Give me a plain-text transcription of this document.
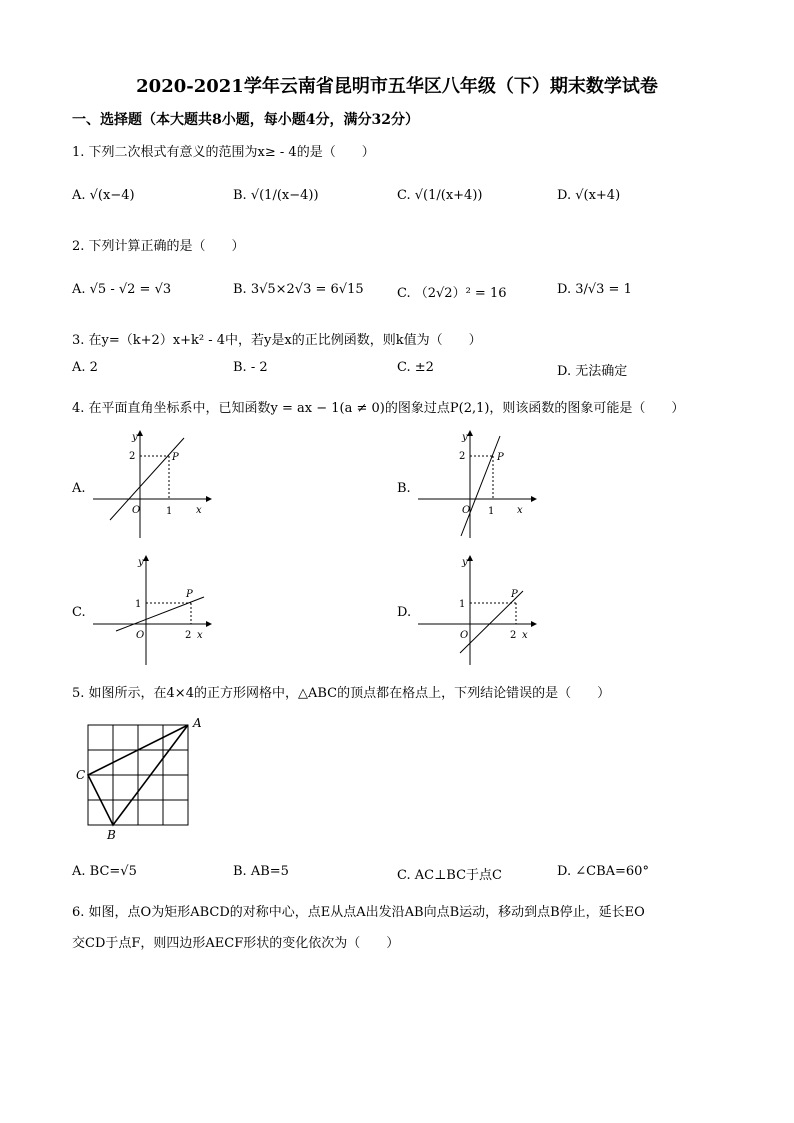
2020-2021学年云南省昆明市五华区八年级（下）期末数学试卷
一、选择题（本大题共8小题，每小题4分，满分32分）
1. 下列二次根式有意义的范围为x≥ - 4的是（　　）
A. √(x−4)	B. √(1/(x−4))	C. √(1/(x+4))	D. √(x+4)
2. 下列计算正确的是（　　）
A. √5 - √2 = √3	B. 3√5×2√3 = 6√15	C. （2√2）² = 16	D. 3/√3 = 1
3. 在y=（k+2）x+k² - 4中，若y是x的正比例函数，则k值为（　　）
A. 2	B. - 2	C. ±2	D. 无法确定
4. 在平面直角坐标系中，已知函数y = ax − 1(a ≠ 0)的图象过点P(2,1)，则该函数的图象可能是（　　）
A.
y
2	P
O	1 x
B.
y
2	P
O 1 x
C.
y
1
P
O	2 x
D.
y
1
P
O	2 x
5. 如图所示，在4×4的正方形网格中，△ABC的顶点都在格点上，下列结论错误的是（　　）
A
C
B
A. BC=√5	B. AB=5	C. AC⊥BC于点C	D. ∠CBA=60°
6. 如图，点O为矩形ABCD的对称中心，点E从点A出发沿AB向点B运动，移动到点B停止，延长EO
交CD于点F，则四边形AECF形状的变化依次为（　　）
